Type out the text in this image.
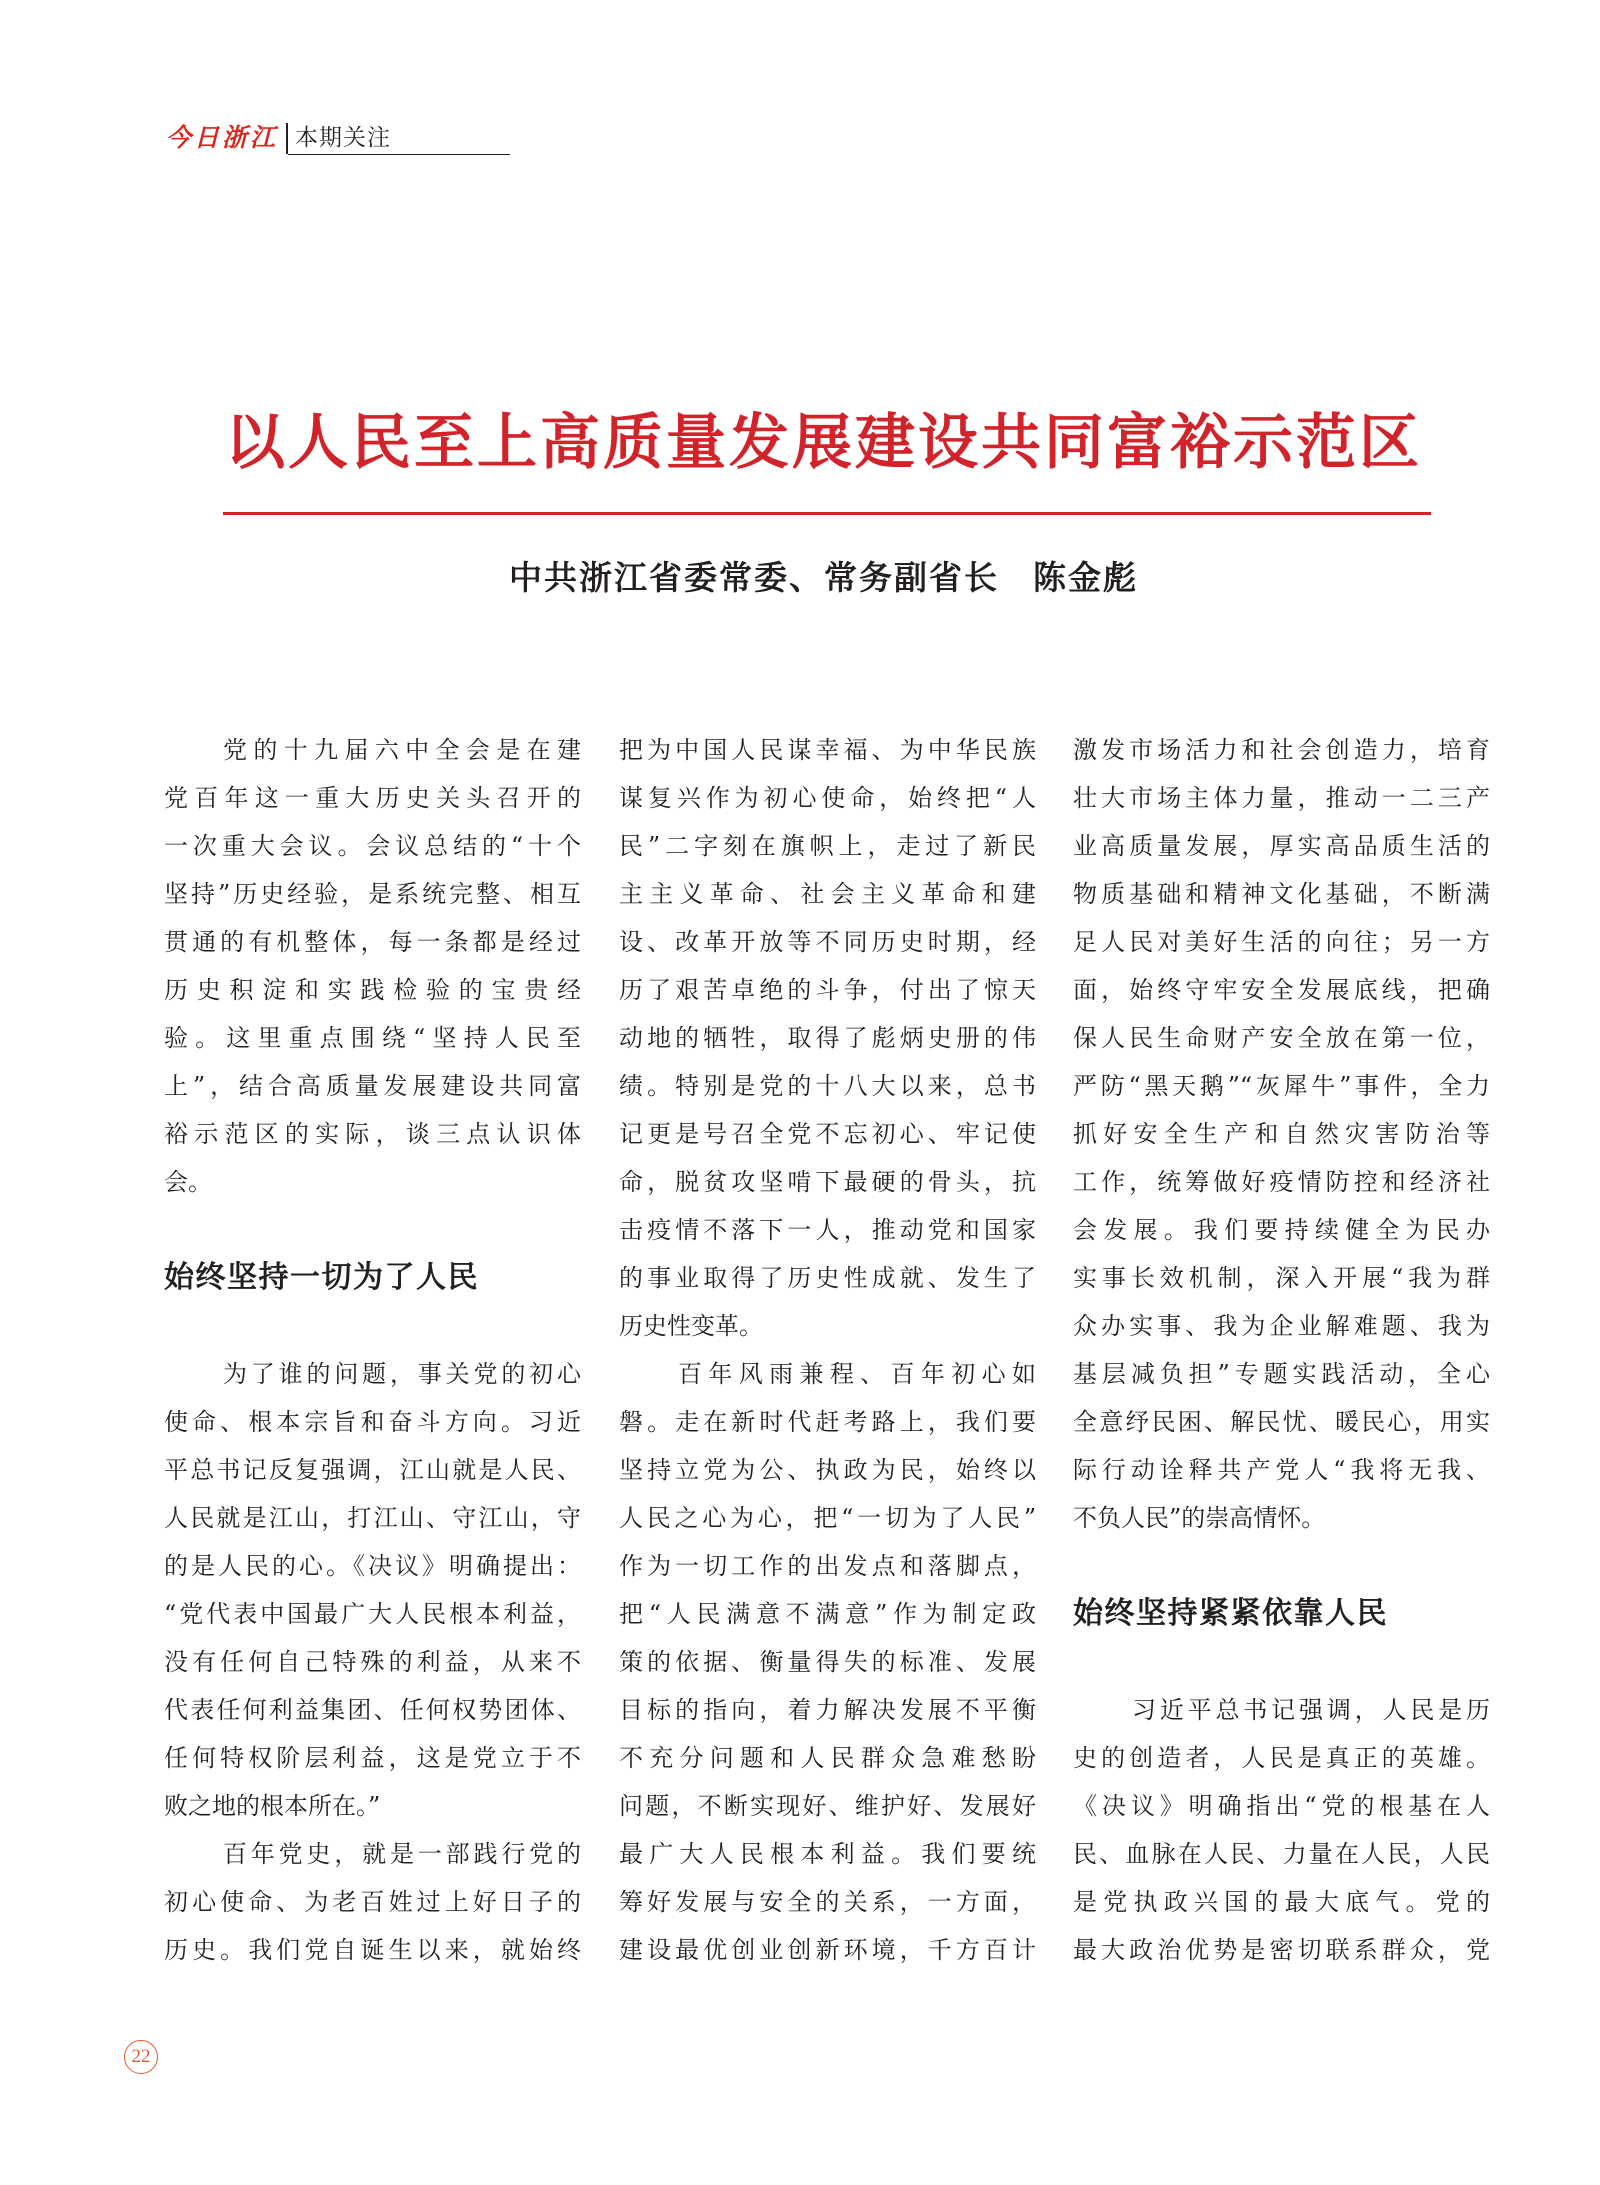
今日浙江 本期关注
以人民至上高质量发展建设共同富裕示范区
中共浙江省委常委、常务副省长 陈金彪
党的十九届六中全会是在建
党百年这一重大历史关头召开的
一次重大会议。会议总结的“十个
坚持”历史经验，是系统完整、相互
贯通的有机整体，每一条都是经过
历史积淀和实践检验的宝贵经
验。这里重点围绕“坚持人民至
上”，结合高质量发展建设共同富
裕示范区的实际，谈三点认识体
会。
始终坚持一切为了人民
为了谁的问题，事关党的初心
使命、根本宗旨和奋斗方向。习近
平总书记反复强调，江山就是人民、
人民就是江山，打江山、守江山，守
的是人民的心。《决议》明确提出：
“党代表中国最广大人民根本利益，
没有任何自己特殊的利益，从来不
代表任何利益集团、任何权势团体、
任何特权阶层利益，这是党立于不
败之地的根本所在。”
百年党史，就是一部践行党的
初心使命、为老百姓过上好日子的
历史。我们党自诞生以来，就始终
把为中国人民谋幸福、为中华民族
谋复兴作为初心使命，始终把“人
民”二字刻在旗帜上，走过了新民
主主义革命、社会主义革命和建
设、改革开放等不同历史时期，经
历了艰苦卓绝的斗争，付出了惊天
动地的牺牲，取得了彪炳史册的伟
绩。特别是党的十八大以来，总书
记更是号召全党不忘初心、牢记使
命，脱贫攻坚啃下最硬的骨头，抗
击疫情不落下一人，推动党和国家
的事业取得了历史性成就、发生了
历史性变革。
百年风雨兼程、百年初心如
磐。走在新时代赶考路上，我们要
坚持立党为公、执政为民，始终以
人民之心为心，把“一切为了人民”
作为一切工作的出发点和落脚点，
把“人民满意不满意”作为制定政
策的依据、衡量得失的标准、发展
目标的指向，着力解决发展不平衡
不充分问题和人民群众急难愁盼
问题，不断实现好、维护好、发展好
最广大人民根本利益。我们要统
筹好发展与安全的关系，一方面，
建设最优创业创新环境，千方百计
激发市场活力和社会创造力，培育
壮大市场主体力量，推动一二三产
业高质量发展，厚实高品质生活的
物质基础和精神文化基础，不断满
足人民对美好生活的向往；另一方
面，始终守牢安全发展底线，把确
保人民生命财产安全放在第一位，
严防“黑天鹅”“灰犀牛”事件，全力
抓好安全生产和自然灾害防治等
工作，统筹做好疫情防控和经济社
会发展。我们要持续健全为民办
实事长效机制，深入开展“我为群
众办实事、我为企业解难题、我为
基层减负担”专题实践活动，全心
全意纾民困、解民忧、暖民心，用实
际行动诠释共产党人“我将无我、
不负人民”的崇高情怀。
始终坚持紧紧依靠人民
习近平总书记强调，人民是历
史的创造者，人民是真正的英雄。
《决议》明确指出“党的根基在人
民、血脉在人民、力量在人民，人民
是党执政兴国的最大底气。党的
最大政治优势是密切联系群众，党
22
